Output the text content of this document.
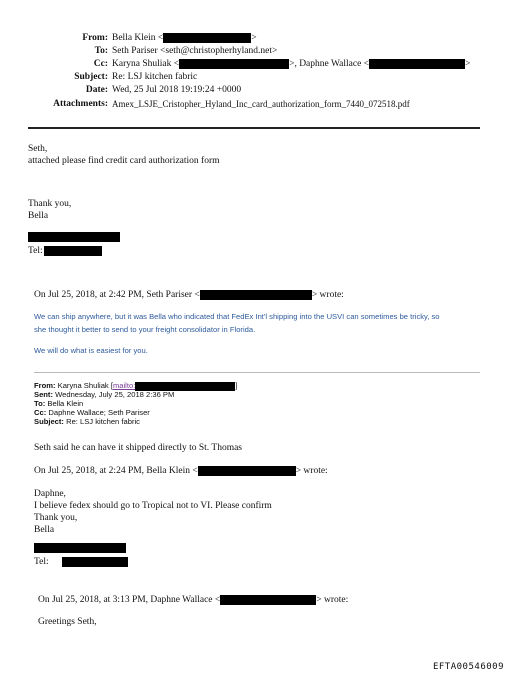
From: Bella Klein <	>
To: Seth Pariser <seth@christopherhyland.net>
Cc: Karyna Shuliak <	>, Daphne Wallace <	>
Subject: Re: LSJ kitchen fabric
Date: Wed, 25 Jul 2018 19:19:24 +0000
Attachments: Amex_LSJE_Cristopher_Hyland_Inc_card_authorization_form_7440_072518.pdf
Seth,
attached please find credit card authorization form
Thank you,
Bella
Tel:
On Jul 25, 2018, at 2:42 PM, Seth Pariser <	> wrote:
We can ship anywhere, but it was Bella who indicated that FedEx Int'l shipping into the USVI can sometimes be tricky, so
she thought it better to send to your freight consolidator in Florida.
We will do what is easiest for you.
From: Karyna Shuliak [mailto:	]
Sent: Wednesday, July 25, 2018 2:36 PM
To: Bella Klein
Cc: Daphne Wallace; Seth Pariser
Subject: Re: LSJ kitchen fabric
Seth said he can have it shipped directly to St. Thomas
On Jul 25, 2018, at 2:24 PM, Bella Klein <	> wrote:
Daphne,
I believe fedex should go to Tropical not to VI. Please confirm
Thank you,
Bella
Tel:
On Jul 25, 2018, at 3:13 PM, Daphne Wallace <	> wrote:
Greetings Seth,
EFTA00546009
